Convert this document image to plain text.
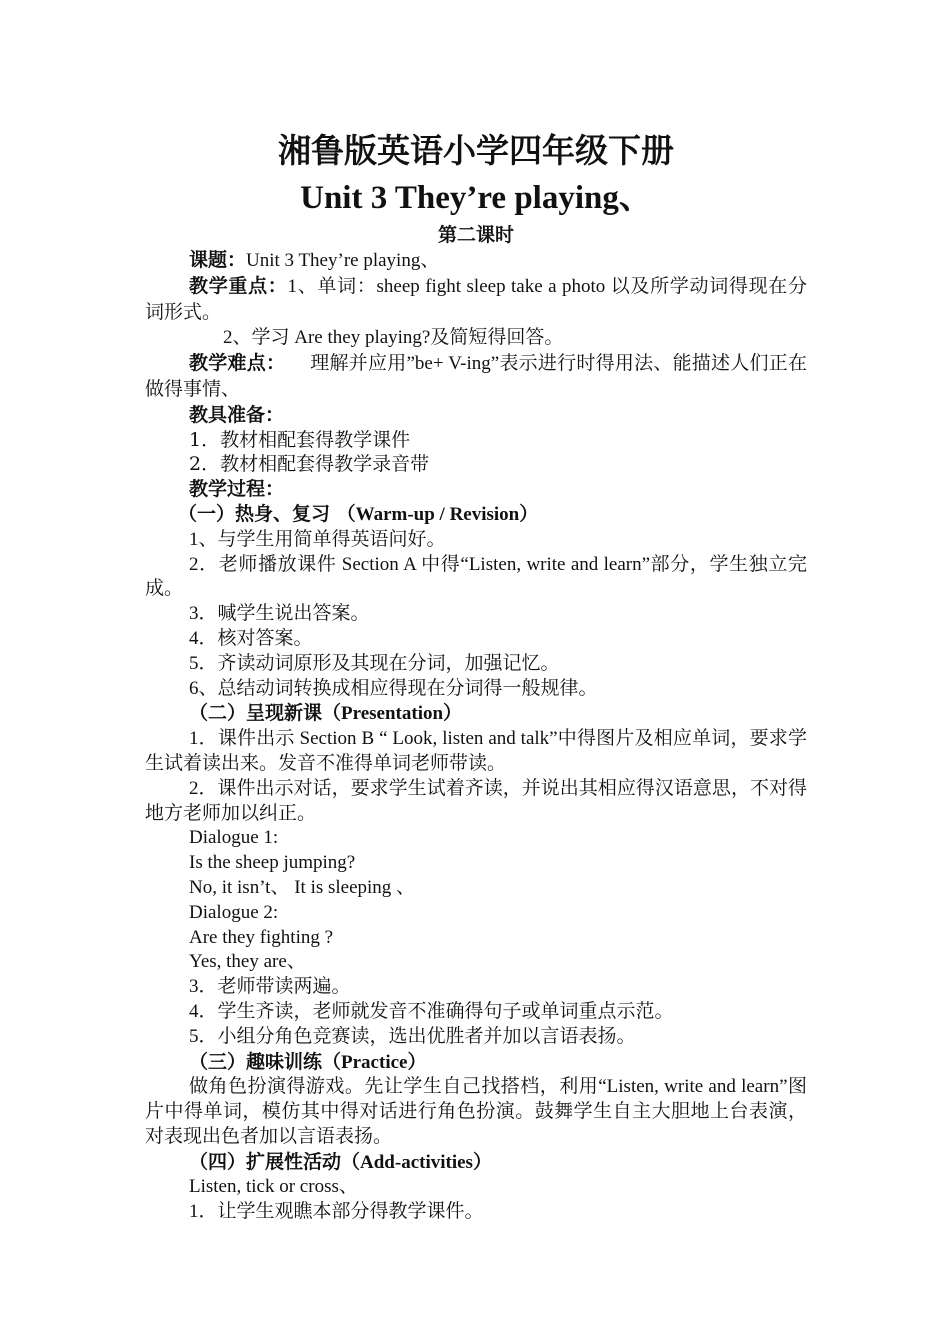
湘鲁版英语小学四年级下册
Unit 3 They’re playing、
第二课时

课题：Unit 3 They’re playing、

教学重点：1、单词：sheep fight sleep take a photo 以及所学动词得现在分词形式。

2、学习 Are they playing?及简短得回答。

教学难点： 理解并应用”be+ V-ing”表示进行时得用法、能描述人们正在做得事情、

教具准备：

1．教材相配套得教学课件

2．教材相配套得教学录音带

教学过程：

（一）热身、复习 （Warm-up / Revision）

1、与学生用简单得英语问好。

2．老师播放课件 Section A 中得“Listen, write and learn”部分，学生独立完成。

3．喊学生说出答案。

4．核对答案。

5．齐读动词原形及其现在分词，加强记忆。

6、总结动词转换成相应得现在分词得一般规律。

（二）呈现新课（Presentation）

1．课件出示 Section B “ Look, listen and talk”中得图片及相应单词，要求学生试着读出来。发音不准得单词老师带读。

2．课件出示对话，要求学生试着齐读，并说出其相应得汉语意思，不对得地方老师加以纠正。

Dialogue 1:

Is the sheep jumping?

No, it isn’t、 It is sleeping 、

Dialogue 2:

Are they fighting ?

Yes, they are、

3．老师带读两遍。

4．学生齐读，老师就发音不准确得句子或单词重点示范。

5．小组分角色竞赛读，选出优胜者并加以言语表扬。

（三）趣味训练（Practice）

做角色扮演得游戏。先让学生自己找搭档，利用“Listen, write and learn”图片中得单词，模仿其中得对话进行角色扮演。鼓舞学生自主大胆地上台表演，对表现出色者加以言语表扬。

（四）扩展性活动（Add-activities）

Listen, tick or cross、

1．让学生观瞧本部分得教学课件。
